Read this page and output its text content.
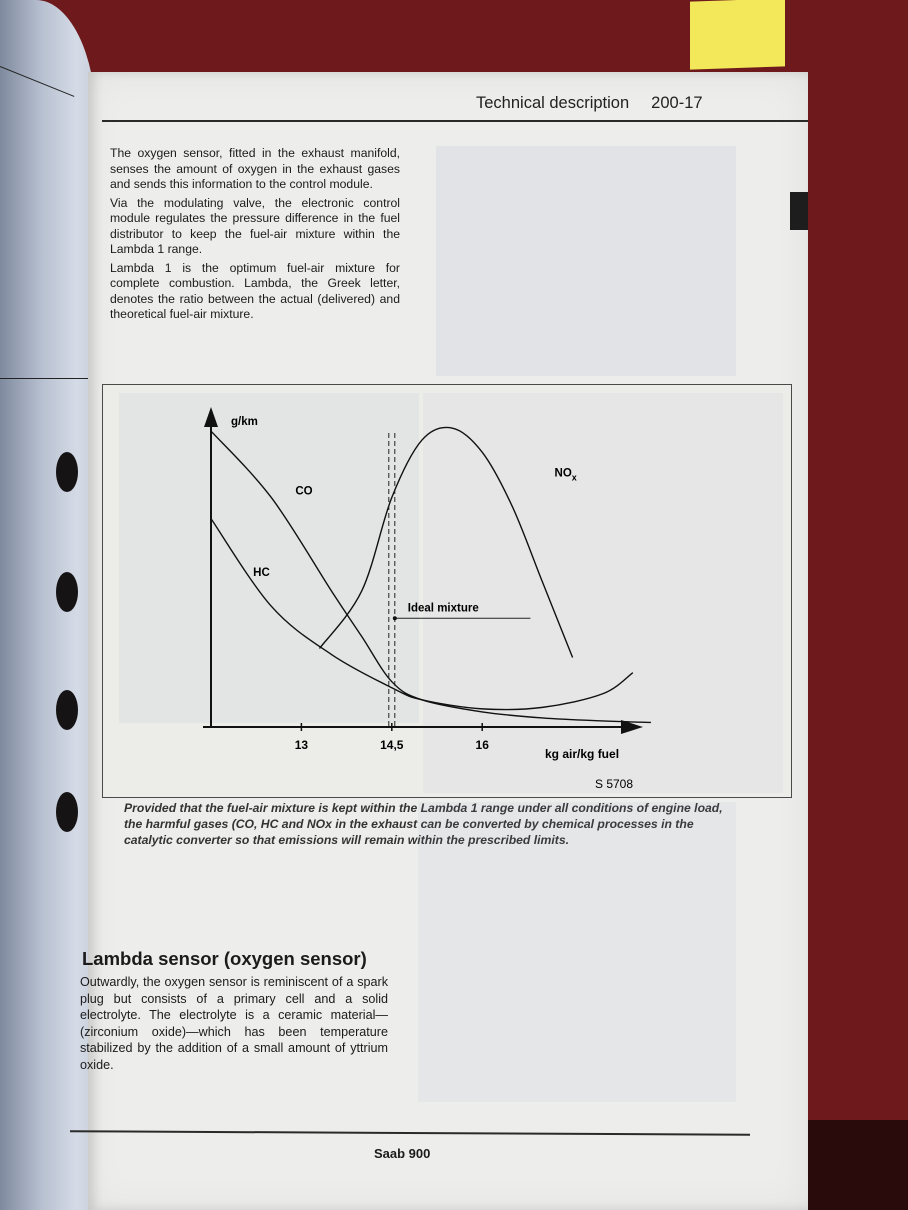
Technical description 200-17

The oxygen sensor, fitted in the exhaust manifold, senses the amount of oxygen in the exhaust gases and sends this information to the control module.

Via the modulating valve, the electronic control module regulates the pressure difference in the fuel distributor to keep the fuel-air mixture within the Lambda 1 range.

Lambda 1 is the optimum fuel-air mixture for complete combustion. Lambda, the Greek letter, denotes the ratio between the actual (delivered) and theoretical fuel-air mixture.

g/km
kg air/kg fuel
13	14,5	16
CO
HC
$NO_x$
Ideal mixture
S 5708
Provided that the fuel-air mixture is kept within the Lambda 1 range under all conditions of engine load, the harmful gases (CO, HC and NOx in the exhaust can be converted by chemical processes in the catalytic converter so that emissions will remain within the prescribed limits.
Lambda sensor (oxygen sensor)
Outwardly, the oxygen sensor is reminiscent of a spark plug but consists of a primary cell and a solid electrolyte. The electrolyte is a ceramic material—(zirconium oxide)—which has been temperature stabilized by the addition of a small amount of yttrium oxide.
Saab 900
